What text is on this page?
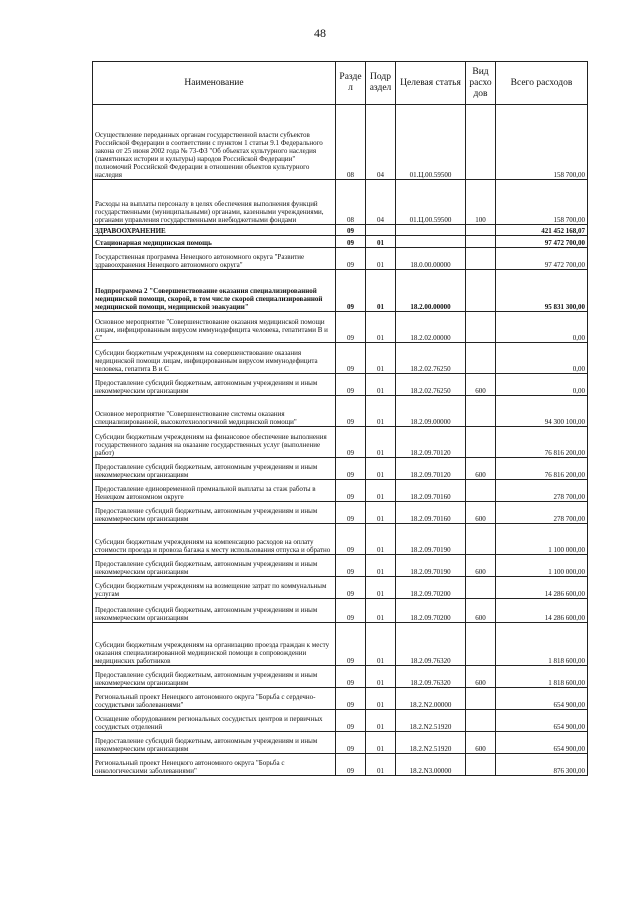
48
Наименование	Разде л	Подр аздел	Целевая статья	Вид расхо дов	Всего расходов
Осуществление переданных органам государственной власти субъектов Российской Федерации в соответствии с пунктом 1 статьи 9.1 Федерального закона от 25 июня 2002 года № 73-ФЗ "Об объектах культурного наследия (памятниках истории и культуры) народов Российской Федерации" полномочий Российской Федерации в отношении объектов культурного наследия	08	04	01.Ц.00.59500		158 700,00
Расходы на выплаты персоналу в целях обеспечения выполнения функций государственными (муниципальными) органами, казенными учреждениями, органами управления государственными внебюджетными фондами	08	04	01.Ц.00.59500	100	158 700,00
ЗДРАВООХРАНЕНИЕ	09				421 452 168,07
Стационарная медицинская помощь	09	01			97 472 700,00
Государственная программа Ненецкого автономного округа "Развитие здравоохранения Ненецкого автономного округа"	09	01	18.0.00.00000		97 472 700,00
Подпрограмма 2 "Совершенствование оказания специализированной медицинской помощи, скорой, в том числе скорой специализированной медицинской помощи, медицинской эвакуации"	09	01	18.2.00.00000		95 831 300,00
Основное мероприятие "Совершенствование оказания медицинской помощи лицам, инфицированным вирусом иммунодефицита человека, гепатитами В и С"	09	01	18.2.02.00000		0,00
Субсидии бюджетным учреждениям на совершенствование оказания медицинской помощи лицам, инфицированным вирусом иммунодефицита человека, гепатита В и С	09	01	18.2.02.76250		0,00
Предоставление субсидий бюджетным, автономным учреждениям и иным некоммерческим организациям	09	01	18.2.02.76250	600	0,00
Основное мероприятие "Совершенствование системы оказания специализированной, высокотехнологичной медицинской помощи"	09	01	18.2.09.00000		94 300 100,00
Субсидии бюджетным учреждениям на финансовое обеспечение выполнения государственного задания на оказание государственных услуг (выполнение работ)	09	01	18.2.09.70120		76 816 200,00
Предоставление субсидий бюджетным, автономным учреждениям и иным некоммерческим организациям	09	01	18.2.09.70120	600	76 816 200,00
Предоставление единовременной премиальной выплаты за стаж работы в Ненецком автономном округе	09	01	18.2.09.70160		278 700,00
Предоставление субсидий бюджетным, автономным учреждениям и иным некоммерческим организациям	09	01	18.2.09.70160	600	278 700,00
Субсидии бюджетным учреждениям на компенсацию расходов на оплату стоимости проезда и провоза багажа к месту использования отпуска и обратно	09	01	18.2.09.70190		1 100 000,00
Предоставление субсидий бюджетным, автономным учреждениям и иным некоммерческим организациям	09	01	18.2.09.70190	600	1 100 000,00
Субсидии бюджетным учреждениям на возмещение затрат по коммунальным услугам	09	01	18.2.09.70200		14 286 600,00
Предоставление субсидий бюджетным, автономным учреждениям и иным некоммерческим организациям	09	01	18.2.09.70200	600	14 286 600,00
Субсидии бюджетным учреждениям на организацию проезда граждан к месту оказания специализированной медицинской помощи в сопровождении медицинских работников	09	01	18.2.09.76320		1 818 600,00
Предоставление субсидий бюджетным, автономным учреждениям и иным некоммерческим организациям	09	01	18.2.09.76320	600	1 818 600,00
Региональный проект Ненецкого автономного округа "Борьба с сердечно-сосудистыми заболеваниями"	09	01	18.2.N2.00000		654 900,00
Оснащение оборудованием региональных сосудистых центров и первичных сосудистых отделений	09	01	18.2.N2.51920		654 900,00
Предоставление субсидий бюджетным, автономным учреждениям и иным некоммерческим организациям	09	01	18.2.N2.51920	600	654 900,00
Региональный проект Ненецкого автономного округа "Борьба с онкологическими заболеваниями"	09	01	18.2.N3.00000		876 300,00
